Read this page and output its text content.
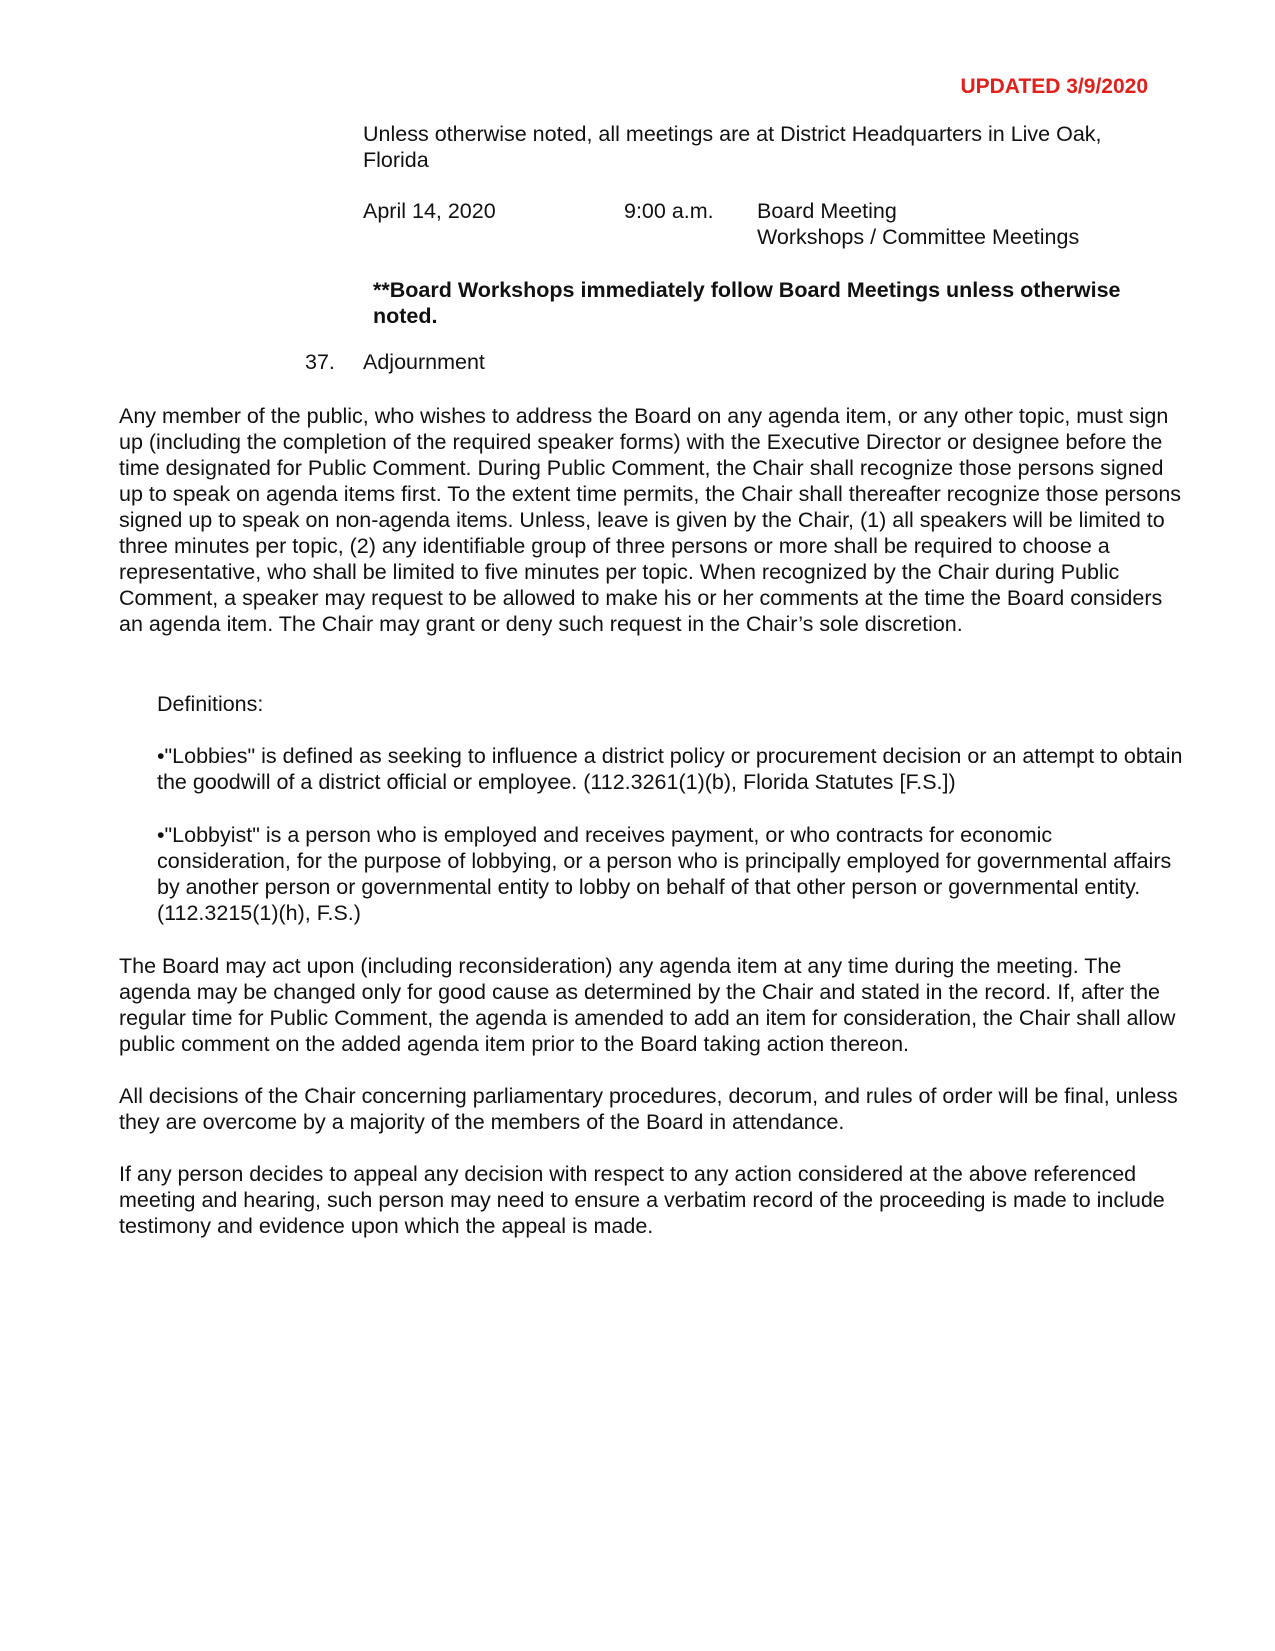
UPDATED 3/9/2020
Unless otherwise noted, all meetings are at District Headquarters in Live Oak, Florida
April 14, 2020	9:00 a.m. Board Meeting
Workshops / Committee Meetings
**Board Workshops immediately follow Board Meetings unless otherwise noted.
37. Adjournment

Any member of the public, who wishes to address the Board on any agenda item, or any other topic, must sign up (including the completion of the required speaker forms) with the Executive Director or designee before the time designated for Public Comment. During Public Comment, the Chair shall recognize those persons signed up to speak on agenda items first. To the extent time permits, the Chair shall thereafter recognize those persons signed up to speak on non-agenda items. Unless, leave is given by the Chair, (1) all speakers will be limited to three minutes per topic, (2) any identifiable group of three persons or more shall be required to choose a representative, who shall be limited to five minutes per topic. When recognized by the Chair during Public Comment, a speaker may request to be allowed to make his or her comments at the time the Board considers an agenda item. The Chair may grant or deny such request in the Chair’s sole discretion.

Definitions:

•"Lobbies" is defined as seeking to influence a district policy or procurement decision or an attempt to obtain the goodwill of a district official or employee. (112.3261(1)(b), Florida Statutes [F.S.])

•"Lobbyist" is a person who is employed and receives payment, or who contracts for economic consideration, for the purpose of lobbying, or a person who is principally employed for governmental affairs by another person or governmental entity to lobby on behalf of that other person or governmental entity. (112.3215(1)(h), F.S.)

The Board may act upon (including reconsideration) any agenda item at any time during the meeting. The agenda may be changed only for good cause as determined by the Chair and stated in the record. If, after the regular time for Public Comment, the agenda is amended to add an item for consideration, the Chair shall allow public comment on the added agenda item prior to the Board taking action thereon.

All decisions of the Chair concerning parliamentary procedures, decorum, and rules of order will be final, unless they are overcome by a majority of the members of the Board in attendance.

If any person decides to appeal any decision with respect to any action considered at the above referenced meeting and hearing, such person may need to ensure a verbatim record of the proceeding is made to include testimony and evidence upon which the appeal is made.
